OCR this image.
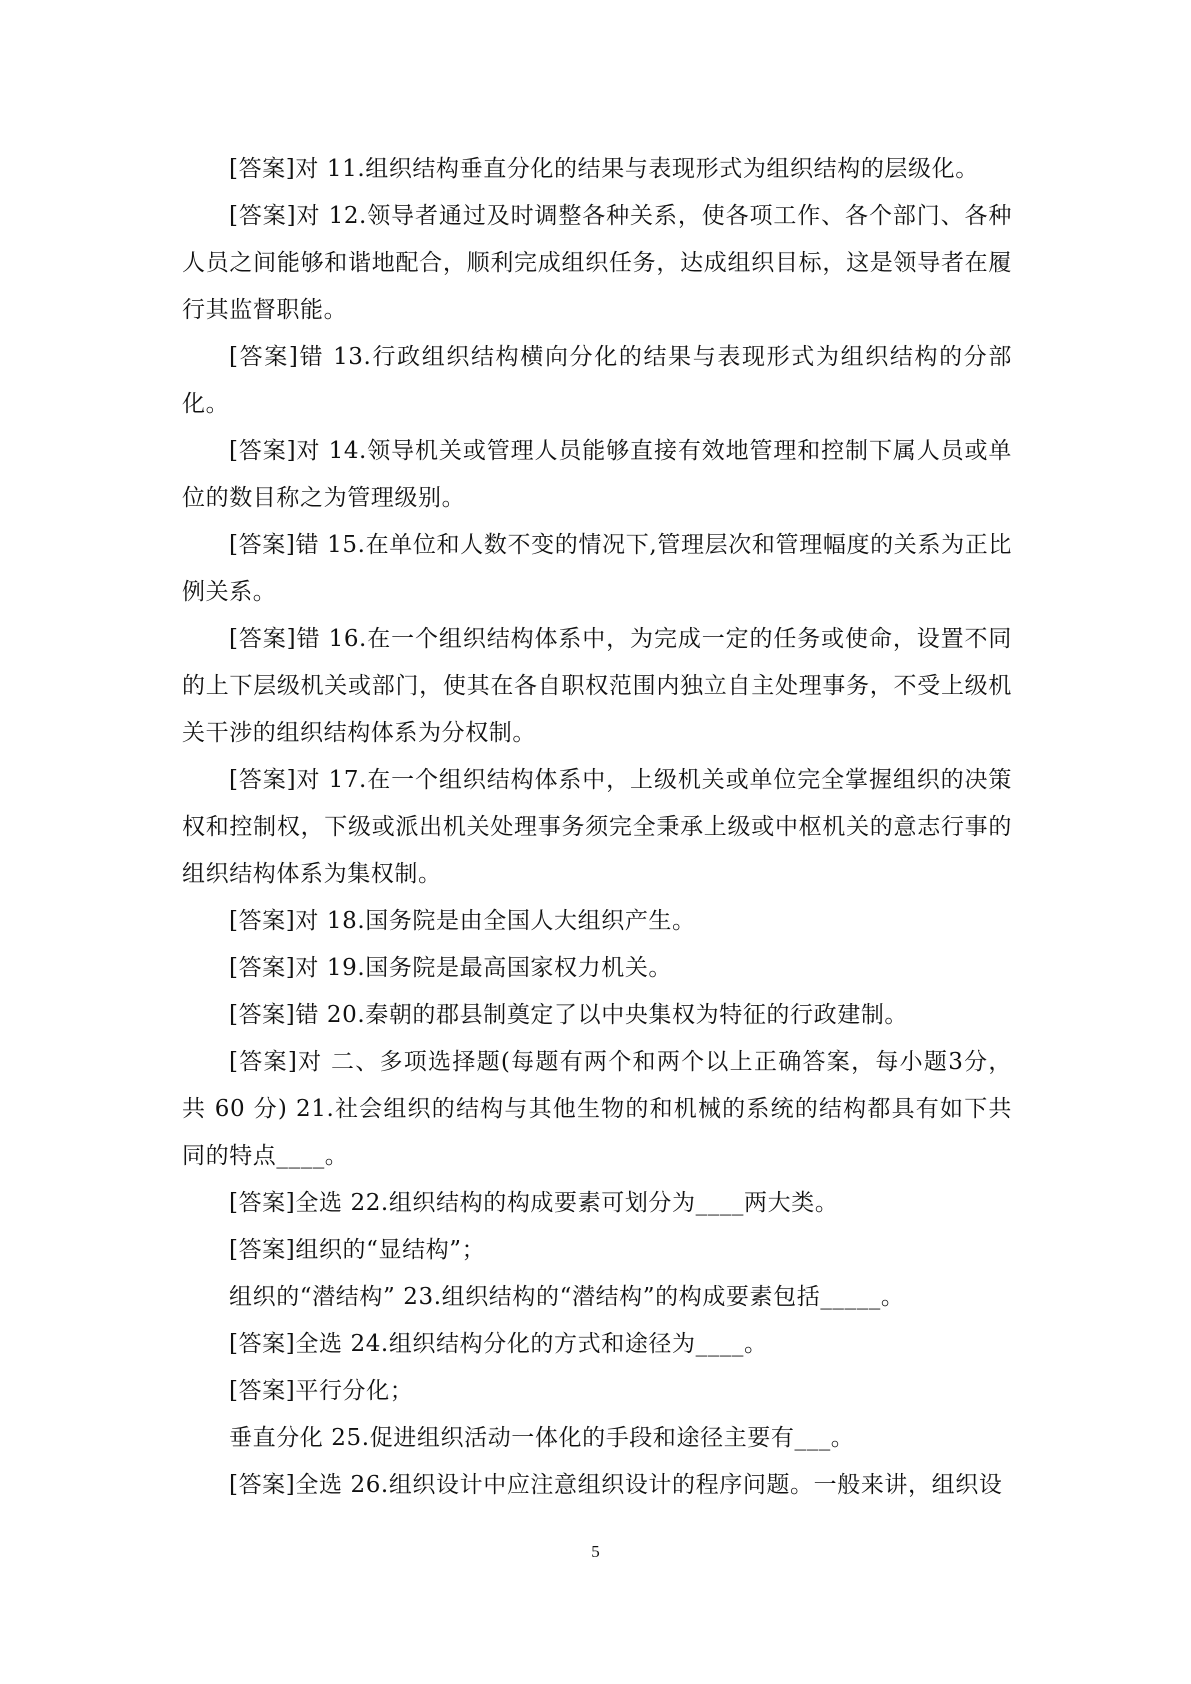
[答案]对 11.组织结构垂直分化的结果与表现形式为组织结构的层级化。

[答案]对 12.领导者通过及时调整各种关系，使各项工作、各个部门、各种人员之间能够和谐地配合，顺利完成组织任务，达成组织目标，这是领导者在履行其监督职能。

[答案]错 13.行政组织结构横向分化的结果与表现形式为组织结构的分部化。

[答案]对 14.领导机关或管理人员能够直接有效地管理和控制下属人员或单位的数目称之为管理级别。

[答案]错 15.在单位和人数不变的情况下,管理层次和管理幅度的关系为正比例关系。

[答案]错 16.在一个组织结构体系中，为完成一定的任务或使命，设置不同的上下层级机关或部门，使其在各自职权范围内独立自主处理事务，不受上级机关干涉的组织结构体系为分权制。

[答案]对 17.在一个组织结构体系中，上级机关或单位完全掌握组织的决策权和控制权，下级或派出机关处理事务须完全秉承上级或中枢机关的意志行事的组织结构体系为集权制。

[答案]对 18.国务院是由全国人大组织产生。

[答案]对 19.国务院是最高国家权力机关。

[答案]错 20.秦朝的郡县制奠定了以中央集权为特征的行政建制。

[答案]对 二、多项选择题(每题有两个和两个以上正确答案，每小题3分，共 60 分) 21.社会组织的结构与其他生物的和机械的系统的结构都具有如下共同的特点____。

[答案]全选 22.组织结构的构成要素可划分为____两大类。

[答案]组织的“显结构”；

组织的“潜结构” 23.组织结构的“潜结构”的构成要素包括_____。

[答案]全选 24.组织结构分化的方式和途径为____。

[答案]平行分化；

垂直分化 25.促进组织活动一体化的手段和途径主要有___。

[答案]全选 26.组织设计中应注意组织设计的程序问题。一般来讲，组织设

5
